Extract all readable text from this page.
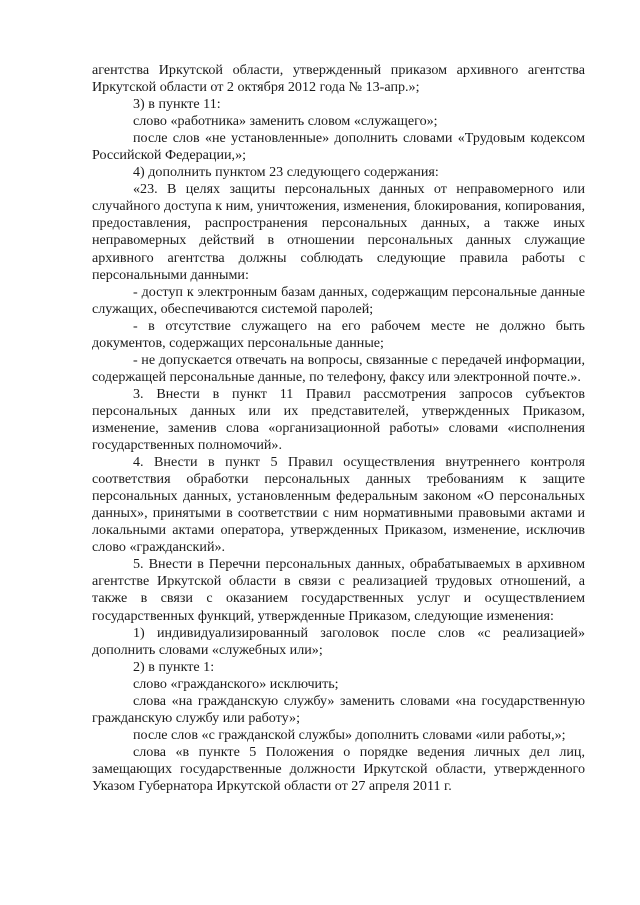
агентства Иркутской области, утвержденный приказом архивного агентства Иркутской области от 2 октября 2012 года № 13-апр.»;

3) в пункте 11:

слово «работника» заменить словом «служащего»;

после слов «не установленные» дополнить словами «Трудовым кодексом Российской Федерации,»;

4) дополнить пунктом 23 следующего содержания:

«23. В целях защиты персональных данных от неправомерного или случайного доступа к ним, уничтожения, изменения, блокирования, копирования, предоставления, распространения персональных данных, а также иных неправомерных действий в отношении персональных данных служащие архивного агентства должны соблюдать следующие правила работы с персональными данными:

- доступ к электронным базам данных, содержащим персональные данные служащих, обеспечиваются системой паролей;

- в отсутствие служащего на его рабочем месте не должно быть документов, содержащих персональные данные;

- не допускается отвечать на вопросы, связанные с передачей информации, содержащей персональные данные, по телефону, факсу или электронной почте.».

3. Внести в пункт 11 Правил рассмотрения запросов субъектов персональных данных или их представителей, утвержденных Приказом, изменение, заменив слова «организационной работы» словами «исполнения государственных полномочий».

4. Внести в пункт 5 Правил осуществления внутреннего контроля соответствия обработки персональных данных требованиям к защите персональных данных, установленным федеральным законом «О персональных данных», принятыми в соответствии с ним нормативными правовыми актами и локальными актами оператора, утвержденных Приказом, изменение, исключив слово «гражданский».

5. Внести в Перечни персональных данных, обрабатываемых в архивном агентстве Иркутской области в связи с реализацией трудовых отношений, а также в связи с оказанием государственных услуг и осуществлением государственных функций, утвержденные Приказом, следующие изменения:

1) индивидуализированный заголовок после слов «с реализацией» дополнить словами «служебных или»;

2) в пункте 1:

слово «гражданского» исключить;

слова «на гражданскую службу» заменить словами «на государственную гражданскую службу или работу»;

после слов «с гражданской службы» дополнить словами «или работы,»;

слова «в пункте 5 Положения о порядке ведения личных дел лиц, замещающих государственные должности Иркутской области, утвержденного Указом Губернатора Иркутской области от 27 апреля 2011 г.
